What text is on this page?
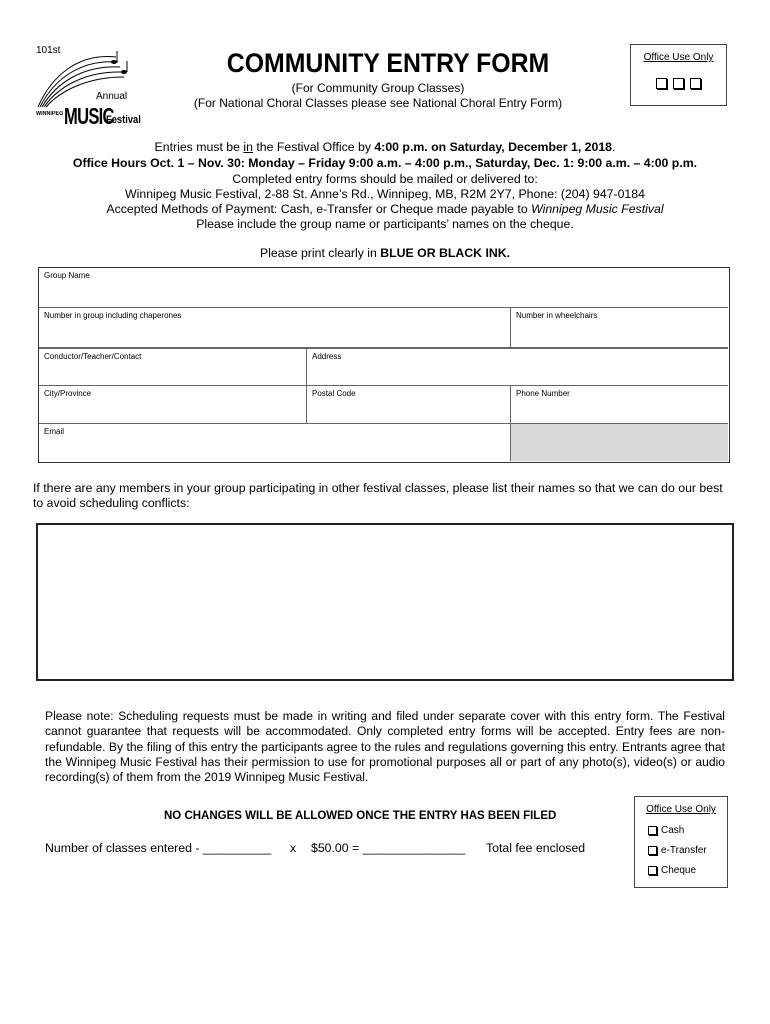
101st
Annual
WINNIPEG MUSIC
Festival
COMMUNITY ENTRY FORM
(For Community Group Classes)
(For National Choral Classes please see National Choral Entry Form)
Office Use Only
Entries must be in the Festival Office by 4:00 p.m. on Saturday, December 1, 2018.
Office Hours Oct. 1 – Nov. 30: Monday – Friday 9:00 a.m. – 4:00 p.m., Saturday, Dec. 1: 9:00 a.m. – 4:00 p.m.
Completed entry forms should be mailed or delivered to:
Winnipeg Music Festival, 2-88 St. Anne’s Rd., Winnipeg, MB, R2M 2Y7, Phone: (204) 947-0184
Accepted Methods of Payment: Cash, e-Transfer or Cheque made payable to Winnipeg Music Festival
Please include the group name or participants’ names on the cheque.
Please print clearly in BLUE OR BLACK INK.
Group Name
Number in group including chaperones	Number in wheelchairs
Conductor/Teacher/Contact	Address
City/Province	Postal Code	Phone Number
Email
If there are any members in your group participating in other festival classes, please list their names so that we can do our best to avoid scheduling conflicts:
Please note: Scheduling requests must be made in writing and filed under separate cover with this entry form. The Festival cannot guarantee that requests will be accommodated. Only completed entry forms will be accepted. Entry fees are non-refundable. By the filing of this entry the participants agree to the rules and regulations governing this entry. Entrants agree that the Winnipeg Music Festival has their permission to use for promotional purposes all or part of any photo(s), video(s) or audio recording(s) of them from the 2019 Winnipeg Music Festival.
NO CHANGES WILL BE ALLOWED ONCE THE ENTRY HAS BEEN FILED
Number of classes entered - __________ x $50.00 = _______________ Total fee enclosed
Office Use Only
Cash
e-Transfer
Cheque
